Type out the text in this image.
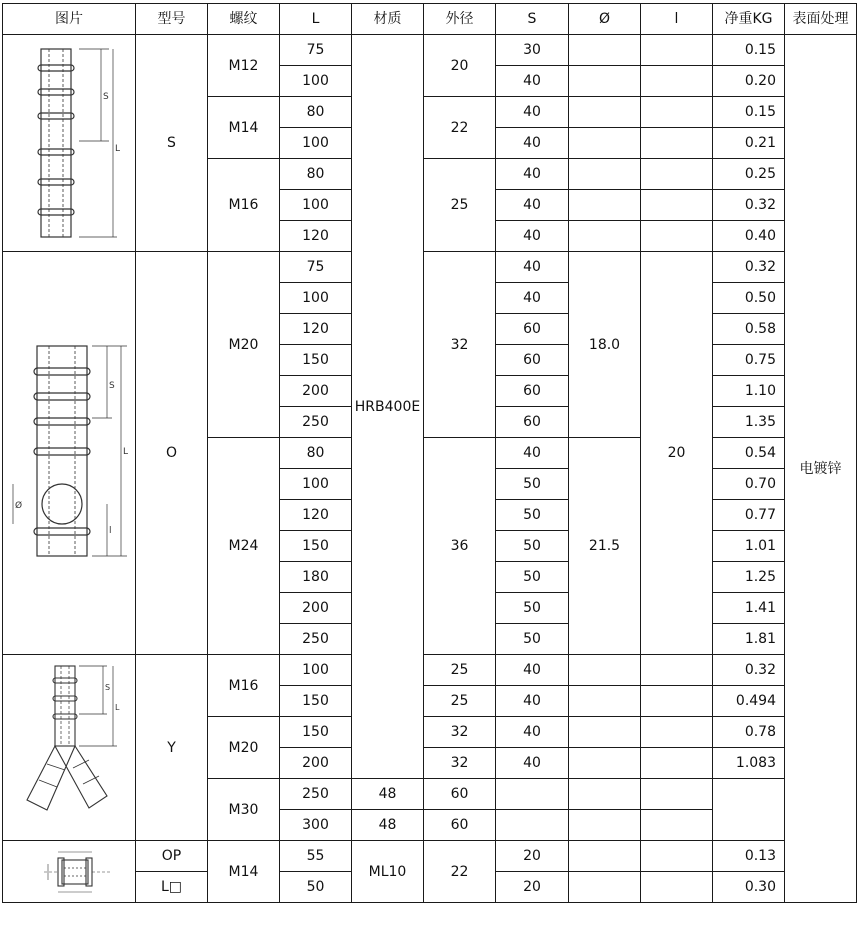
图片	型号	螺纹	L	材质	外径	S	Ø	l	净重KG	表面处理

S
L	S	M12	75	HRB400E	20	30			0.15	电镀锌
			100			40			0.20	
		M14	80		22	40			0.15	
			100			40			0.21	
		M16	80		25	40			0.25	
			100			40			0.32	
			120			40			0.40	

S
L
Ø
l	O	M20	75		32	40	18.0	20	0.32	
			100			40			0.50	
			120			60			0.58	
			150			60			0.75	
			200			60			1.10	
			250			60			1.35	
		M24	80		36	40	21.5		0.54	
			100			50			0.70	
			120			50			0.77	
			150			50			1.01	
			180			50			1.25	
			200			50			1.41	
			250			50			1.81	

S
L	Y	M16	100		25	40			0.32	
			150		25	40			0.494	
		M20	150		32	40			0.78	
			200		32	40			1.083	
		M30	250	48	60					
			300	48	60					

	OP	M14	55	ML10	22	20			0.13	
	L□		50			20			0.30	
